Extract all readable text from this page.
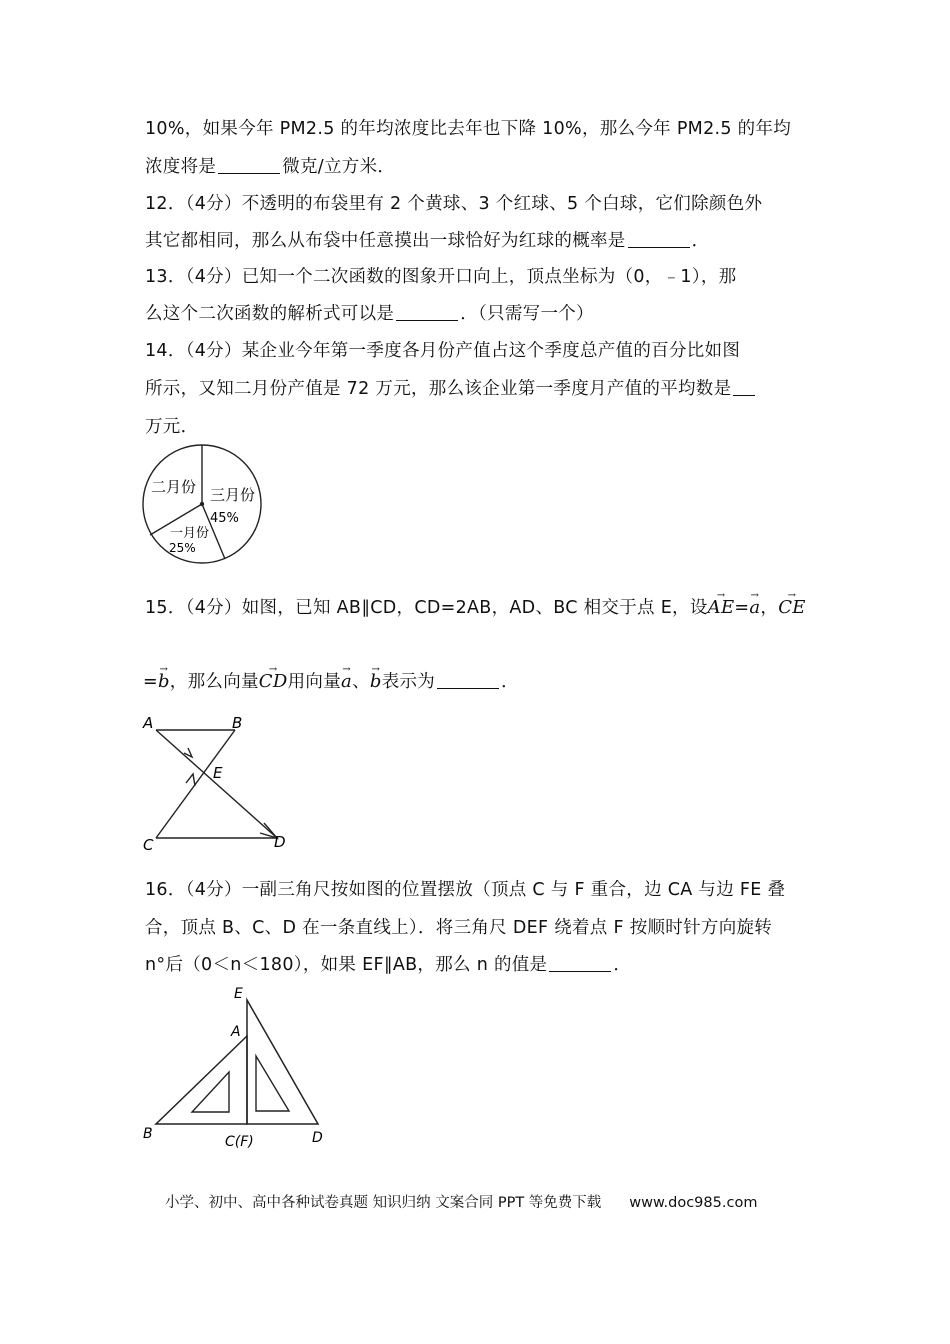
10%，如果今年 PM2.5 的年均浓度比去年也下降 10%，那么今年 PM2.5 的年均
浓度将是	微克/立方米．
12．（4分）不透明的布袋里有 2 个黄球、3 个红球、5 个白球，它们除颜色外
其它都相同，那么从布袋中任意摸出一球恰好为红球的概率是	．
13．（4分）已知一个二次函数的图象开口向上，顶点坐标为（0，﹣1），那
么这个二次函数的解析式可以是	．（只需写一个）
14．（4分）某企业今年第一季度各月份产值占这个季度总产值的百分比如图
所示，又知二月份产值是 72 万元，那么该企业第一季度月产值的平均数是
万元．
二月份 三月份
45%
一月份
25%
15．（4分）如图，已知 AB∥CD，CD=2AB，AD、BC 相交于点 E，设→ AE=→ a，→ CE
=→ b，那么向量→ CD用向量→ a、→ b表示为	．
A	B
E
C	D
16．（4分）一副三角尺按如图的位置摆放（顶点 C 与 F 重合，边 CA 与边 FE 叠
合，顶点 B、C、D 在一条直线上）．将三角尺 DEF 绕着点 F 按顺时针方向旋转
n°后（0＜n＜180），如果 EF∥AB，那么 n 的值是	．
E
A
B	C(F)	D
小学、初中、高中各种试卷真题 知识归纳 文案合同 PPT 等免费下载 www.doc985.com
